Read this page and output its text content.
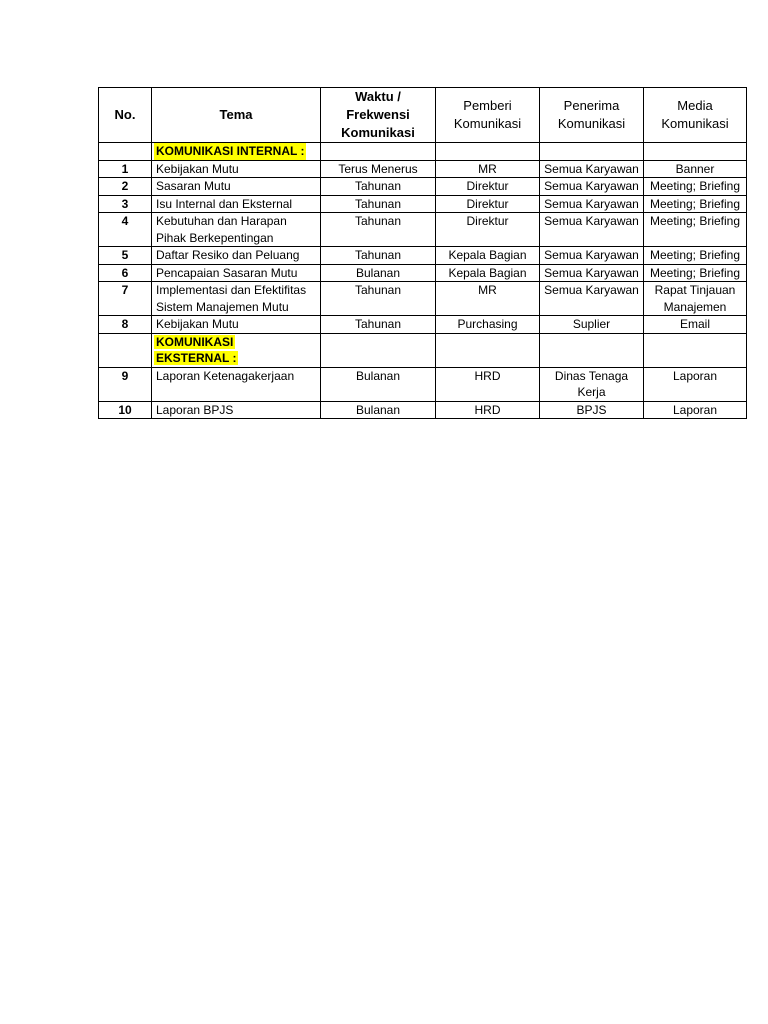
No.	Tema	Waktu / Frekwensi Komunikasi	Pemberi Komunikasi	Penerima Komunikasi	Media Komunikasi
	KOMUNIKASI INTERNAL :				
1	Kebijakan Mutu	Terus Menerus	MR	Semua Karyawan	Banner
2	Sasaran Mutu	Tahunan	Direktur	Semua Karyawan	Meeting; Briefing
3	Isu Internal dan Eksternal	Tahunan	Direktur	Semua Karyawan	Meeting; Briefing
4	Kebutuhan dan Harapan Pihak Berkepentingan	Tahunan	Direktur	Semua Karyawan	Meeting; Briefing
5	Daftar Resiko dan Peluang	Tahunan	Kepala Bagian	Semua Karyawan	Meeting; Briefing
6	Pencapaian Sasaran Mutu	Bulanan	Kepala Bagian	Semua Karyawan	Meeting; Briefing
7	Implementasi dan Efektifitas Sistem Manajemen Mutu	Tahunan	MR	Semua Karyawan	Rapat Tinjauan Manajemen
8	Kebijakan Mutu	Tahunan	Purchasing	Suplier	Email

	KOMUNIKASI EKSTERNAL :				

9	Laporan Ketenagakerjaan	Bulanan	HRD	Dinas Tenaga Kerja	Laporan
10	Laporan BPJS	Bulanan	HRD	BPJS	Laporan
